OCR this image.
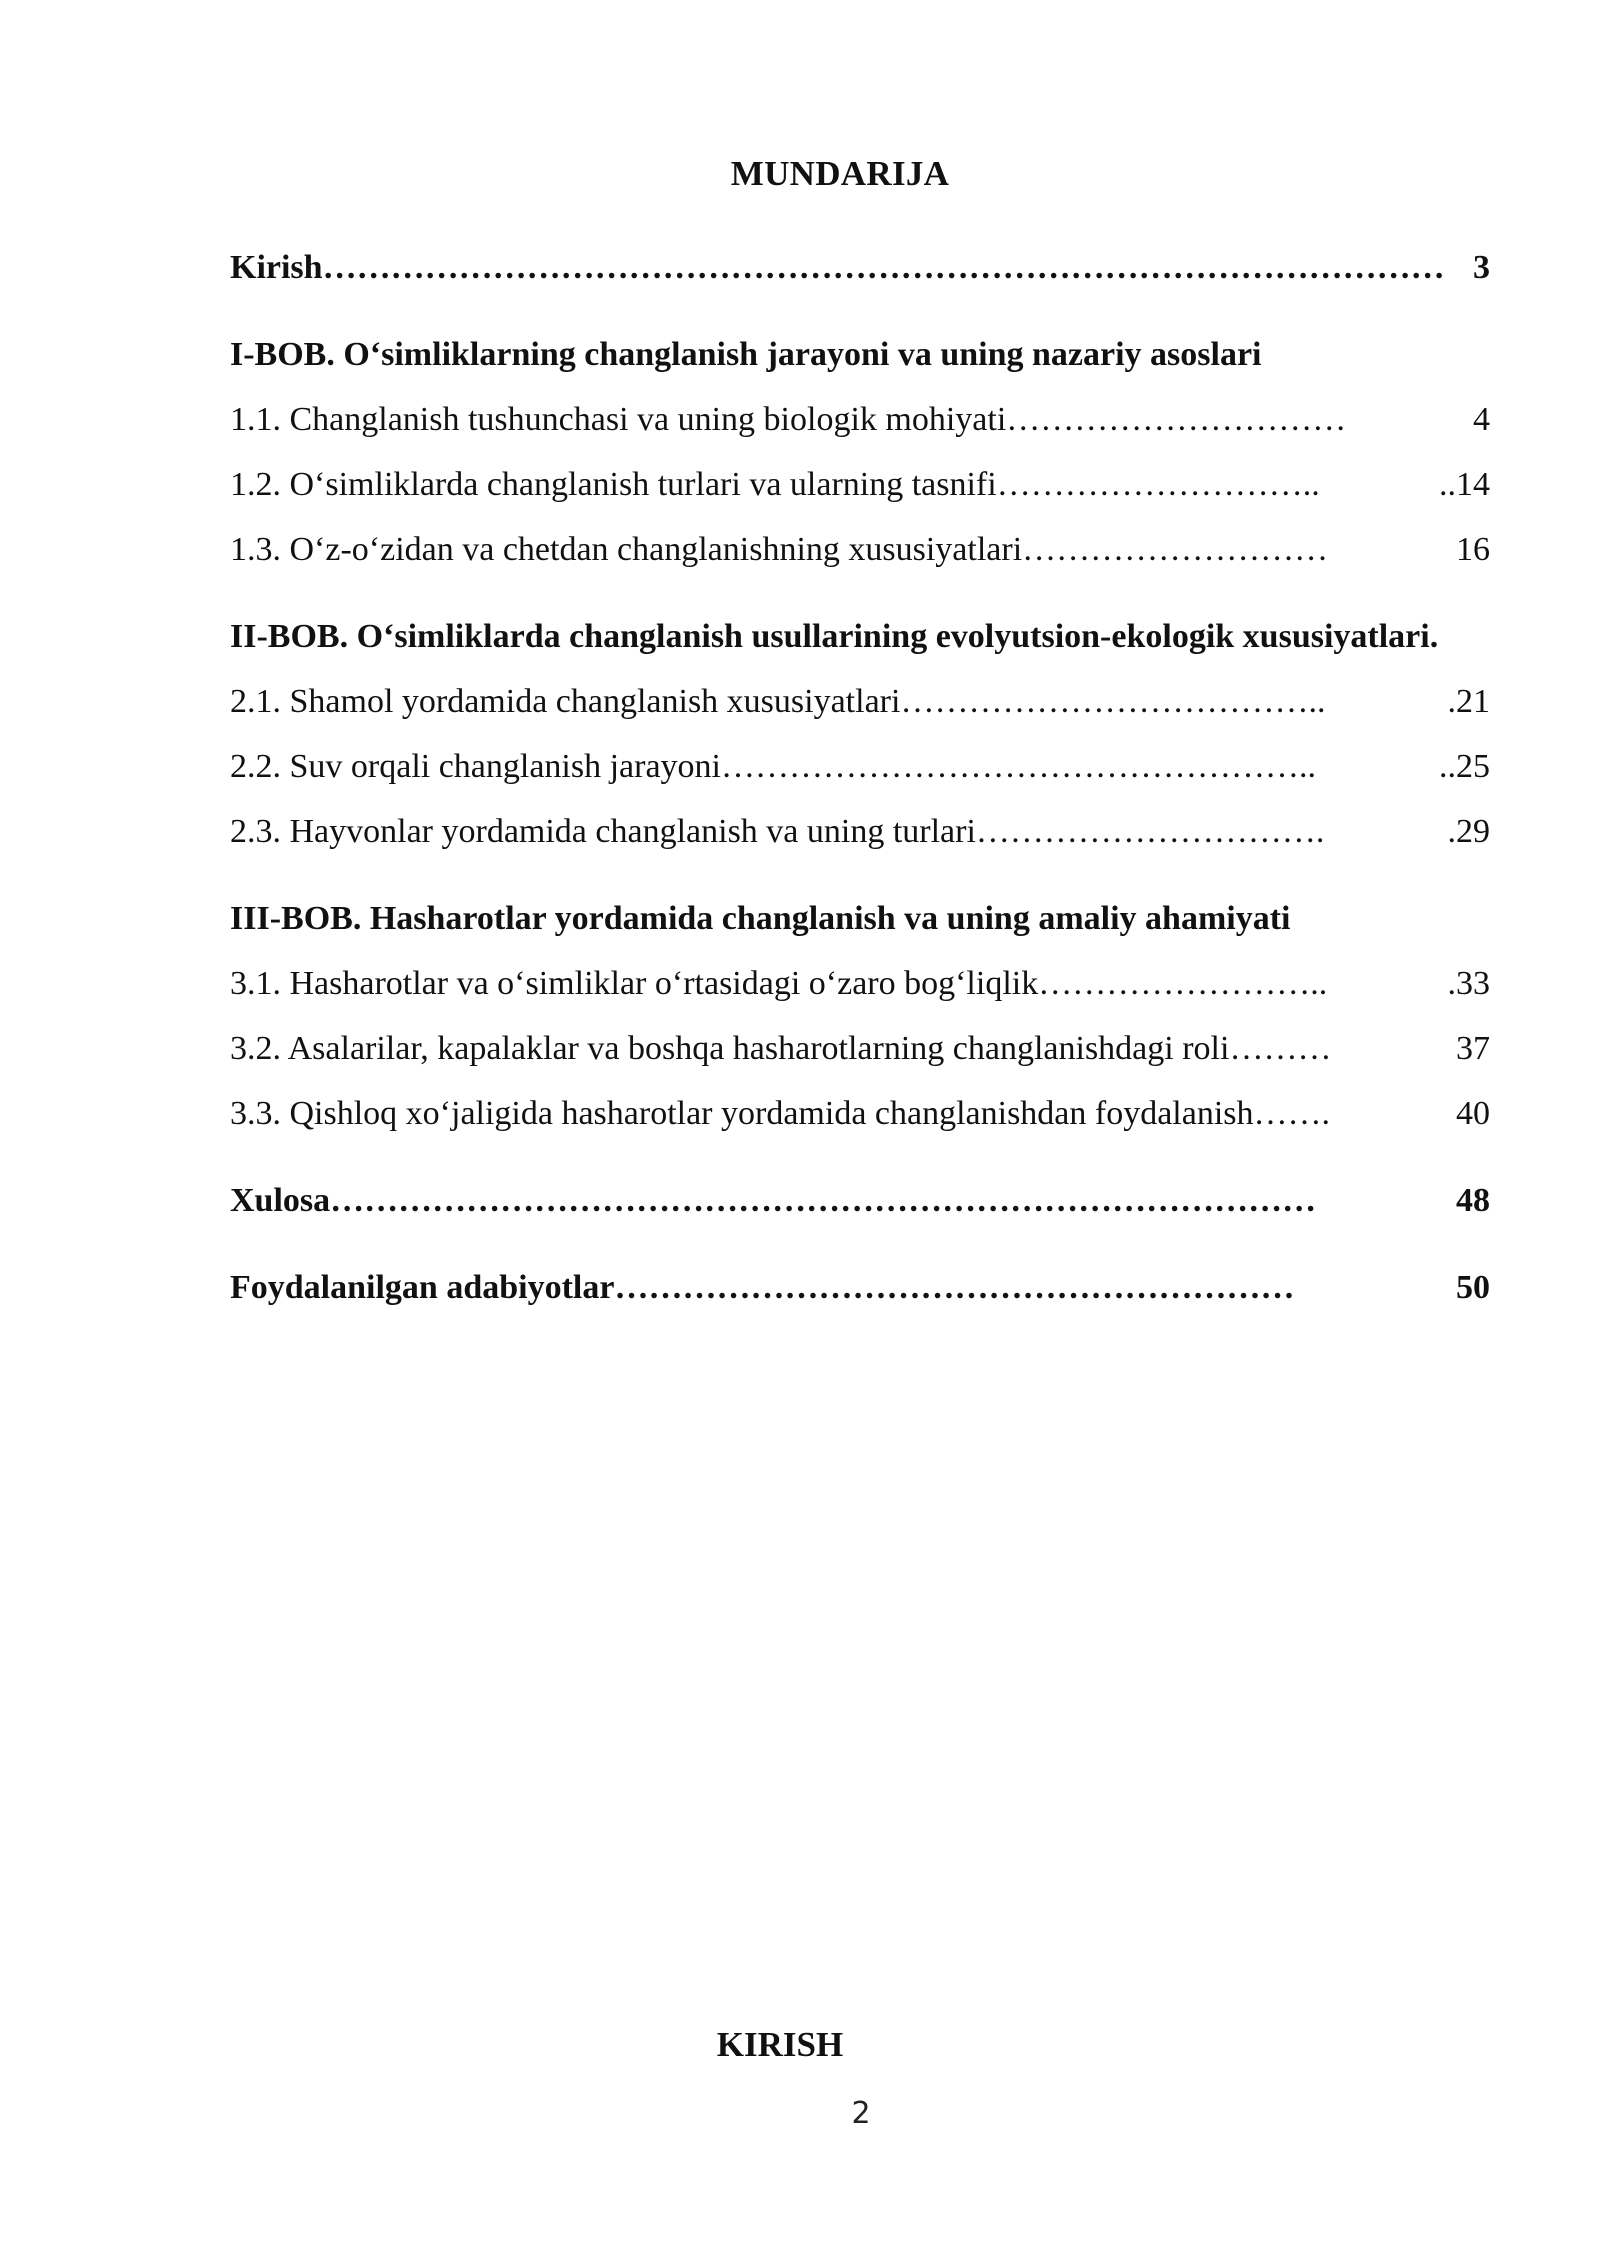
MUNDARIJA
Kirish ……………………………………………………………………………………… 3
I-BOB. O‘simliklarning changlanish jarayoni va uning nazariy asoslari
1.1. Changlanish tushunchasi va uning biologik mohiyati …………………………	4
1.2. O‘simliklarda changlanish turlari va ularning tasnifi ………………………..	..14
1.3. O‘z-o‘zidan va chetdan changlanishning xususiyatlari ………………………	16
II-BOB. O‘simliklarda changlanish usullarining evolyutsion-ekologik xususiyatlari.
2.1. Shamol yordamida changlanish xususiyatlari ………………………………..	.21
2.2. Suv orqali changlanish jarayoni ……………………………………………..	..25
2.3. Hayvonlar yordamida changlanish va uning turlari ………………………….	.29
III-BOB. Hasharotlar yordamida changlanish va uning amaliy ahamiyati
3.1. Hasharotlar va o‘simliklar o‘rtasidagi o‘zaro bog‘liqlik ……………………..	.33
3.2. Asalarilar, kapalaklar va boshqa hasharotlarning changlanishdagi roli ………	37
3.3. Qishloq xo‘jaligida hasharotlar yordamida changlanishdan foydalanish …….	40
Xulosa ……………………………………………………………………………	48
Foydalanilgan adabiyotlar ……………………………………………………	50
KIRISH
2
